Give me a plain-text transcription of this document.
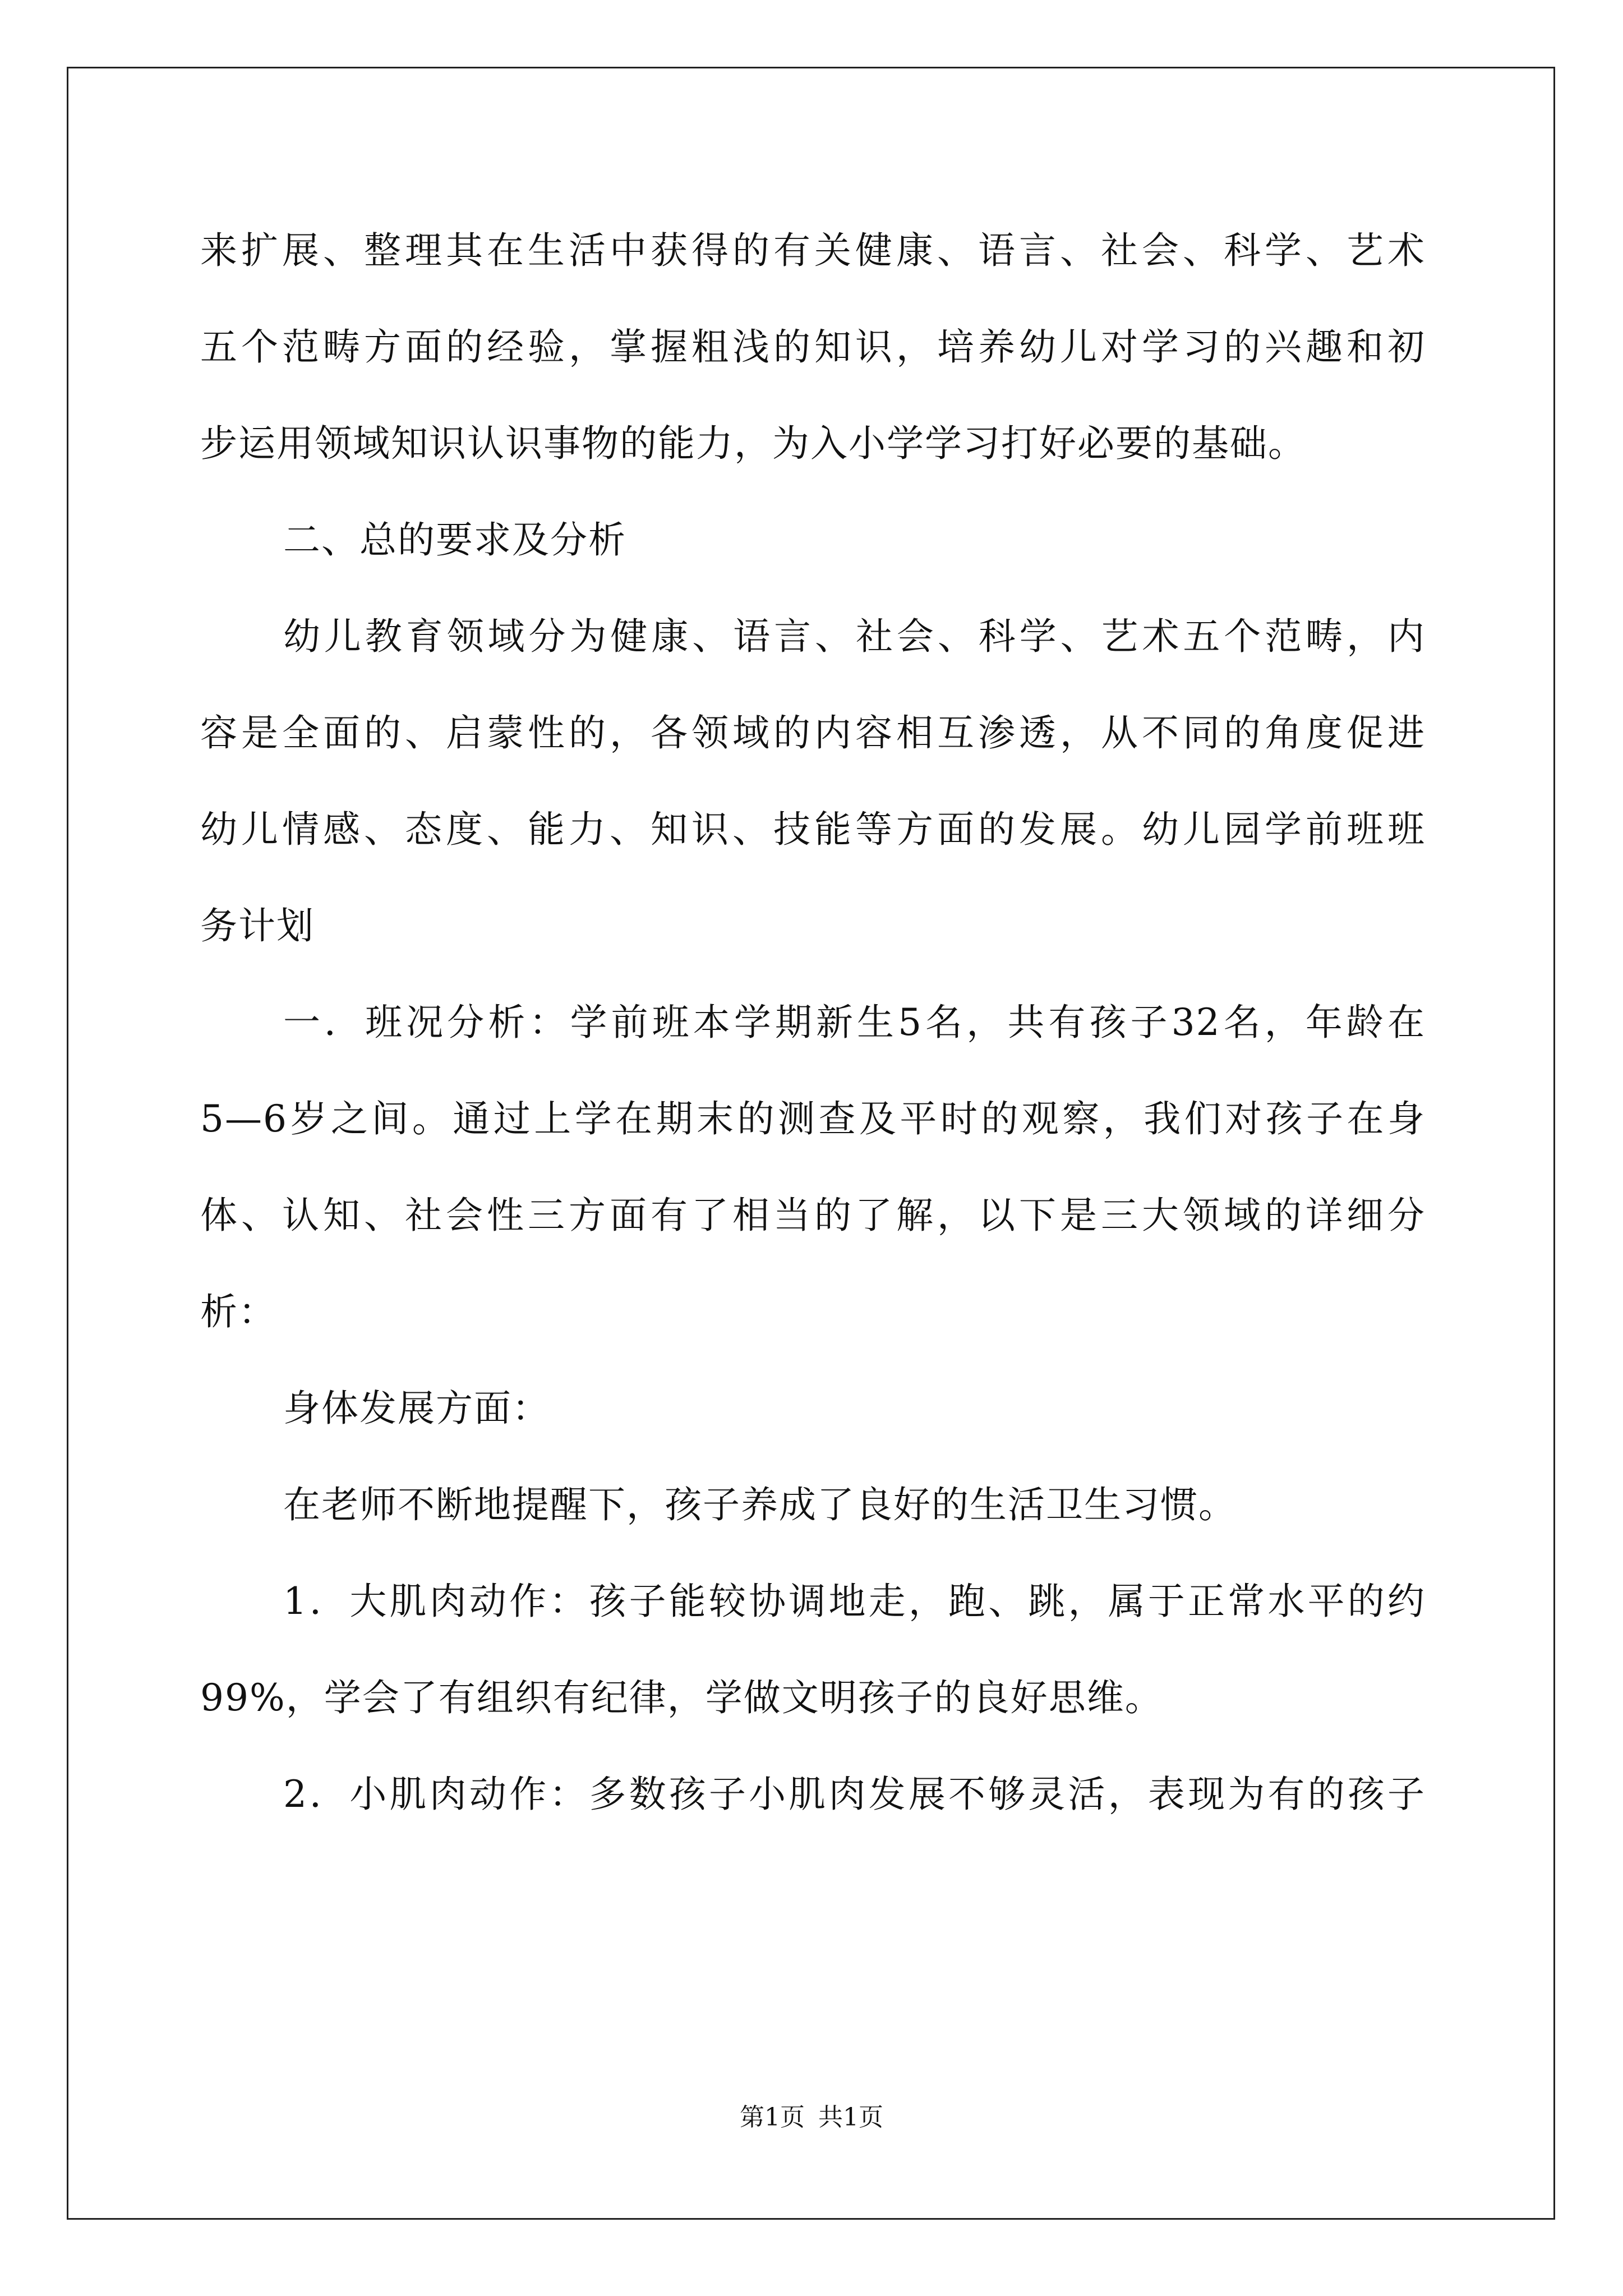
来扩展、整理其在生活中获得的有关健康、语言、社会、科学、艺术
五个范畴方面的经验，掌握粗浅的知识，培养幼儿对学习的兴趣和初
步运用领域知识认识事物的能力，为入小学学习打好必要的基础。
二、总的要求及分析
幼儿教育领域分为健康、语言、社会、科学、艺术五个范畴，内
容是全面的、启蒙性的，各领域的内容相互渗透，从不同的角度促进
幼儿情感、态度、能力、知识、技能等方面的发展。幼儿园学前班班
务计划
一．班况分析：学前班本学期新生5名，共有孩子32名，年龄在
5—6岁之间。通过上学在期末的测查及平时的观察，我们对孩子在身
体、认知、社会性三方面有了相当的了解，以下是三大领域的详细分
析：
身体发展方面：
在老师不断地提醒下，孩子养成了良好的生活卫生习惯。
1．大肌肉动作：孩子能较协调地走，跑、跳，属于正常水平的约
99%，学会了有组织有纪律，学做文明孩子的良好思维。
2．小肌肉动作：多数孩子小肌肉发展不够灵活，表现为有的孩子
第1页 共1页
